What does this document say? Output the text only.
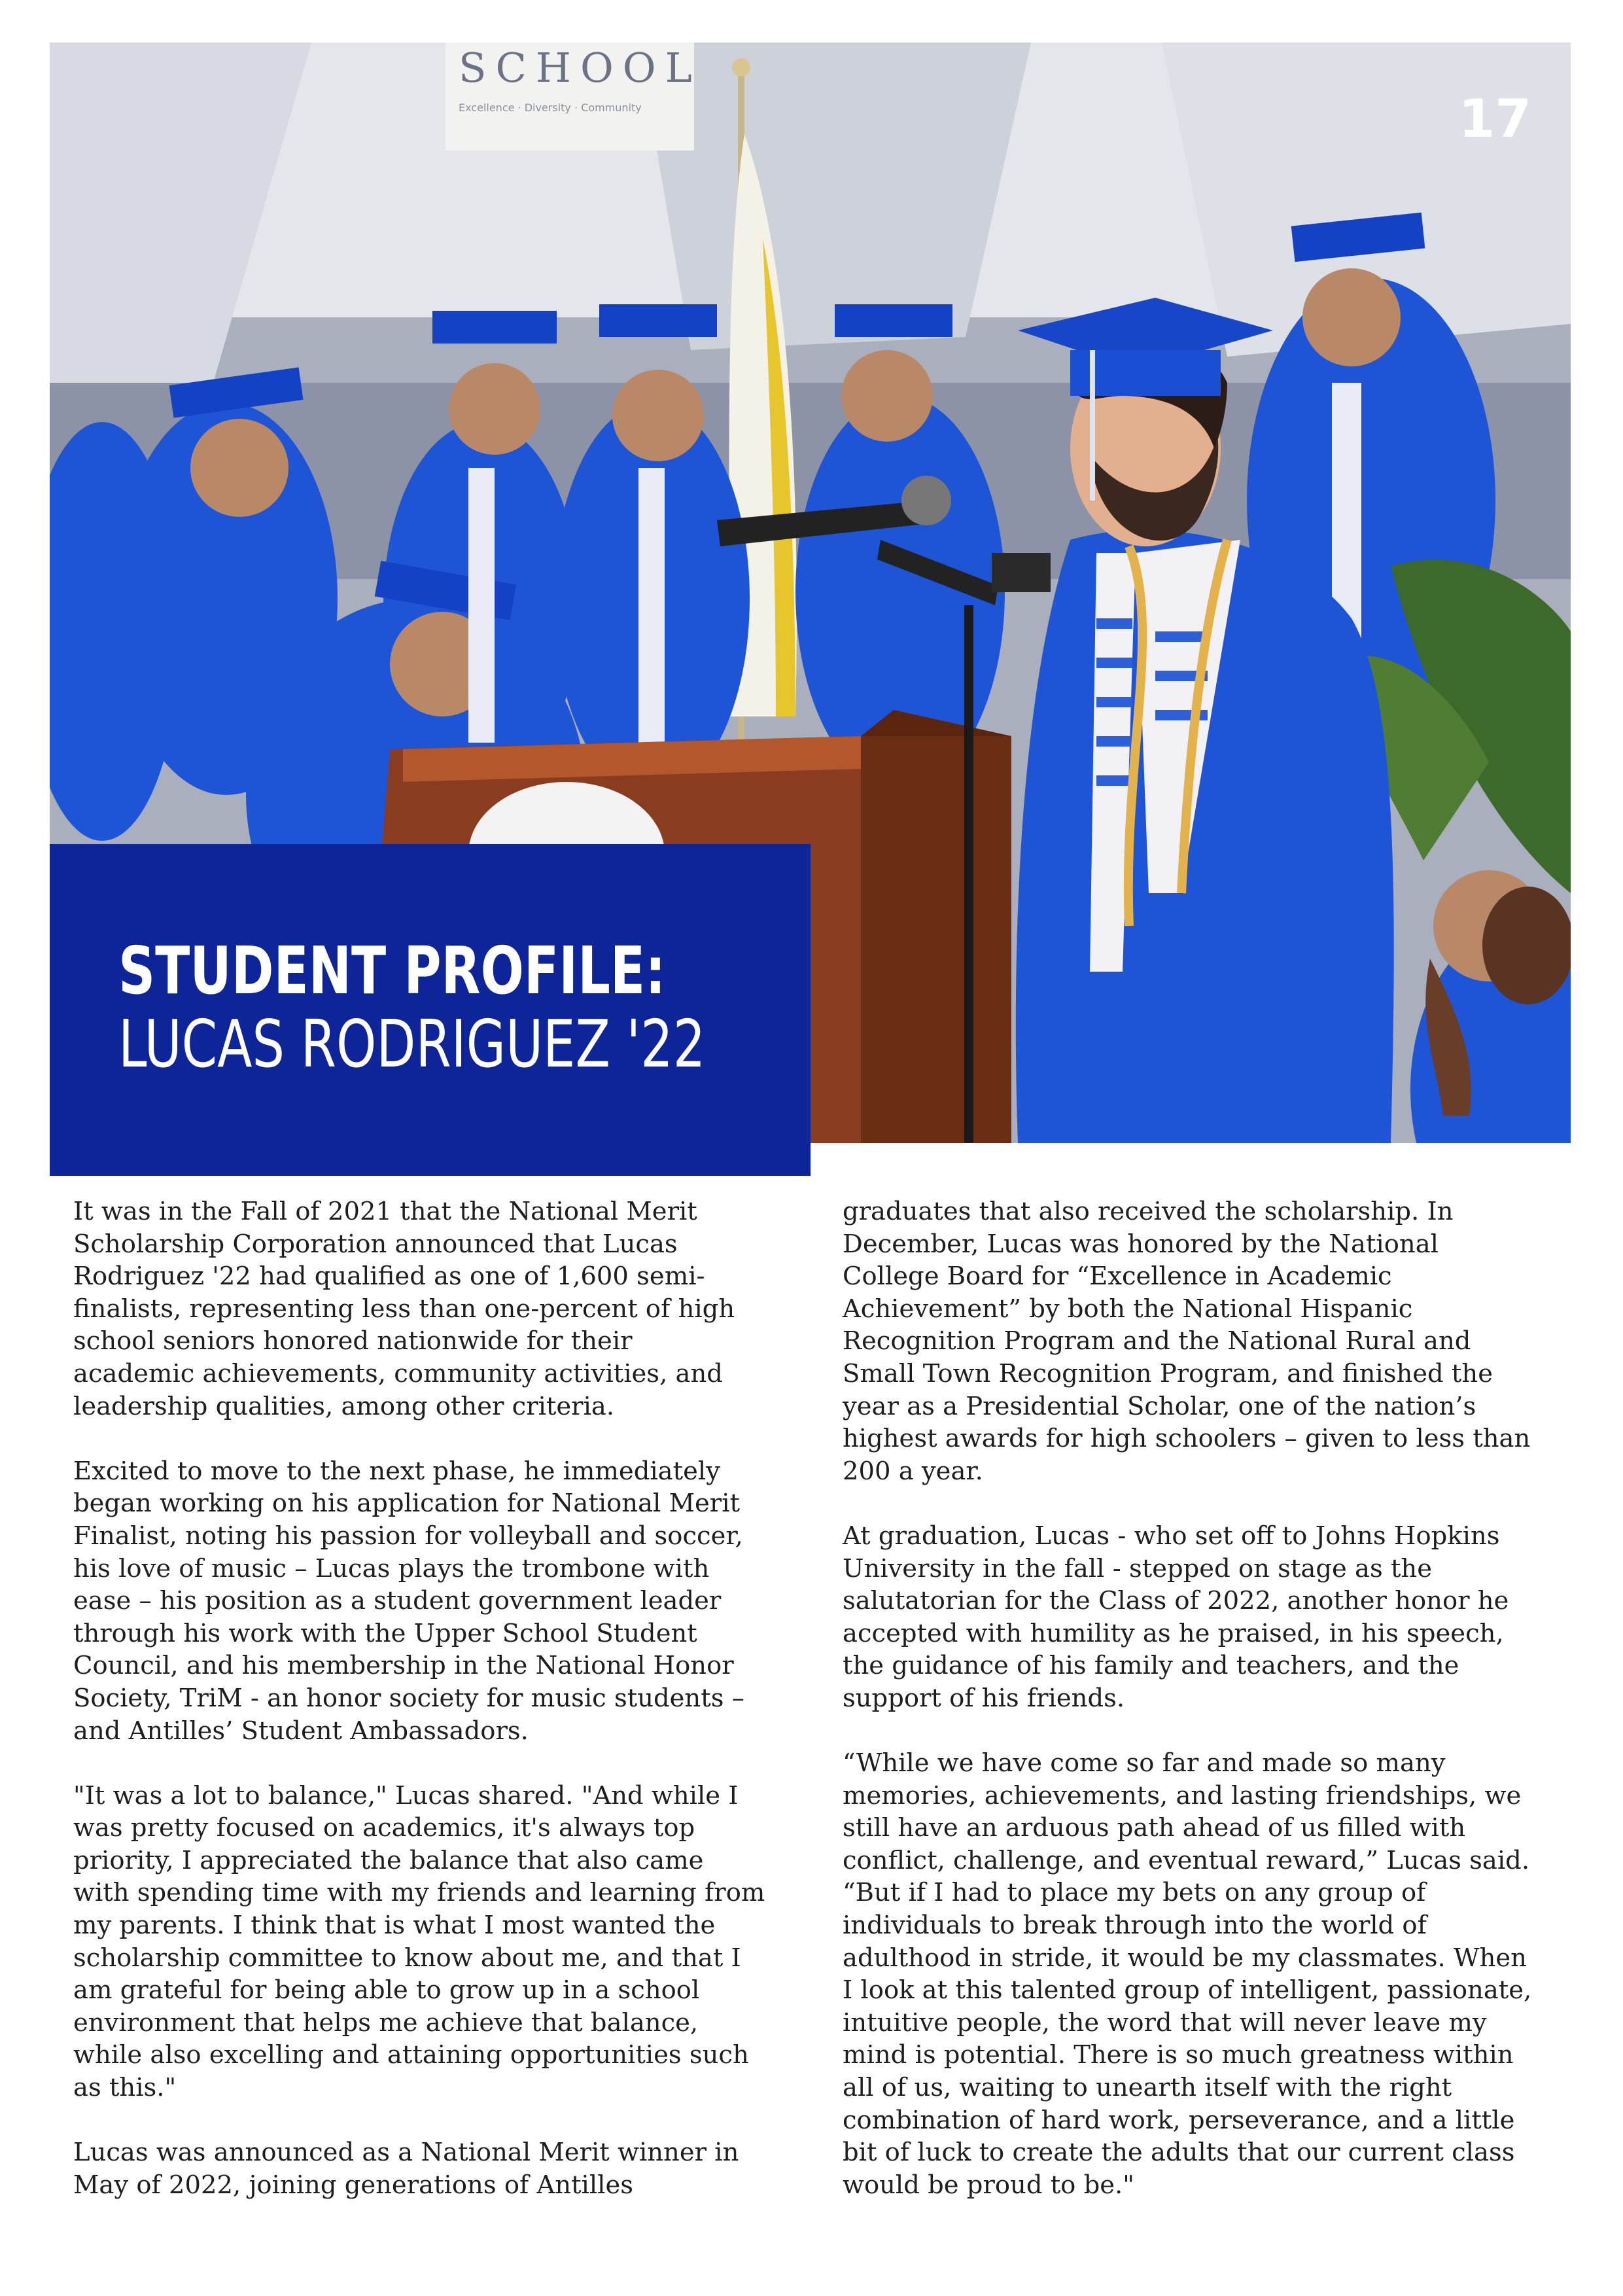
SCHOOL
Excellence · Diversity · Community	17
STUDENT PROFILE:
LUCAS RODRIGUEZ '22

It was in the Fall of 2021 that the National Merit
Scholarship Corporation announced that Lucas
Rodriguez '22 had qualified as one of 1,600 semi-
finalists, representing less than one-percent of high
school seniors honored nationwide for their
academic achievements, community activities, and
leadership qualities, among other criteria.

Excited to move to the next phase, he immediately
began working on his application for National Merit
Finalist, noting his passion for volleyball and soccer,
his love of music – Lucas plays the trombone with
ease – his position as a student government leader
through his work with the Upper School Student
Council, and his membership in the National Honor
Society, TriM - an honor society for music students –
and Antilles’ Student Ambassadors.

"It was a lot to balance," Lucas shared. "And while I
was pretty focused on academics, it's always top
priority, I appreciated the balance that also came
with spending time with my friends and learning from
my parents. I think that is what I most wanted the
scholarship committee to know about me, and that I
am grateful for being able to grow up in a school
environment that helps me achieve that balance,
while also excelling and attaining opportunities such
as this."

Lucas was announced as a National Merit winner in
May of 2022, joining generations of Antilles

graduates that also received the scholarship. In
December, Lucas was honored by the National
College Board for “Excellence in Academic
Achievement” by both the National Hispanic
Recognition Program and the National Rural and
Small Town Recognition Program, and finished the
year as a Presidential Scholar, one of the nation’s
highest awards for high schoolers – given to less than
200 a year.

At graduation, Lucas - who set off to Johns Hopkins
University in the fall - stepped on stage as the
salutatorian for the Class of 2022, another honor he
accepted with humility as he praised, in his speech,
the guidance of his family and teachers, and the
support of his friends.

“While we have come so far and made so many
memories, achievements, and lasting friendships, we
still have an arduous path ahead of us filled with
conflict, challenge, and eventual reward,” Lucas said.
“But if I had to place my bets on any group of
individuals to break through into the world of
adulthood in stride, it would be my classmates. When
I look at this talented group of intelligent, passionate,
intuitive people, the word that will never leave my
mind is potential. There is so much greatness within
all of us, waiting to unearth itself with the right
combination of hard work, perseverance, and a little
bit of luck to create the adults that our current class
would be proud to be."
